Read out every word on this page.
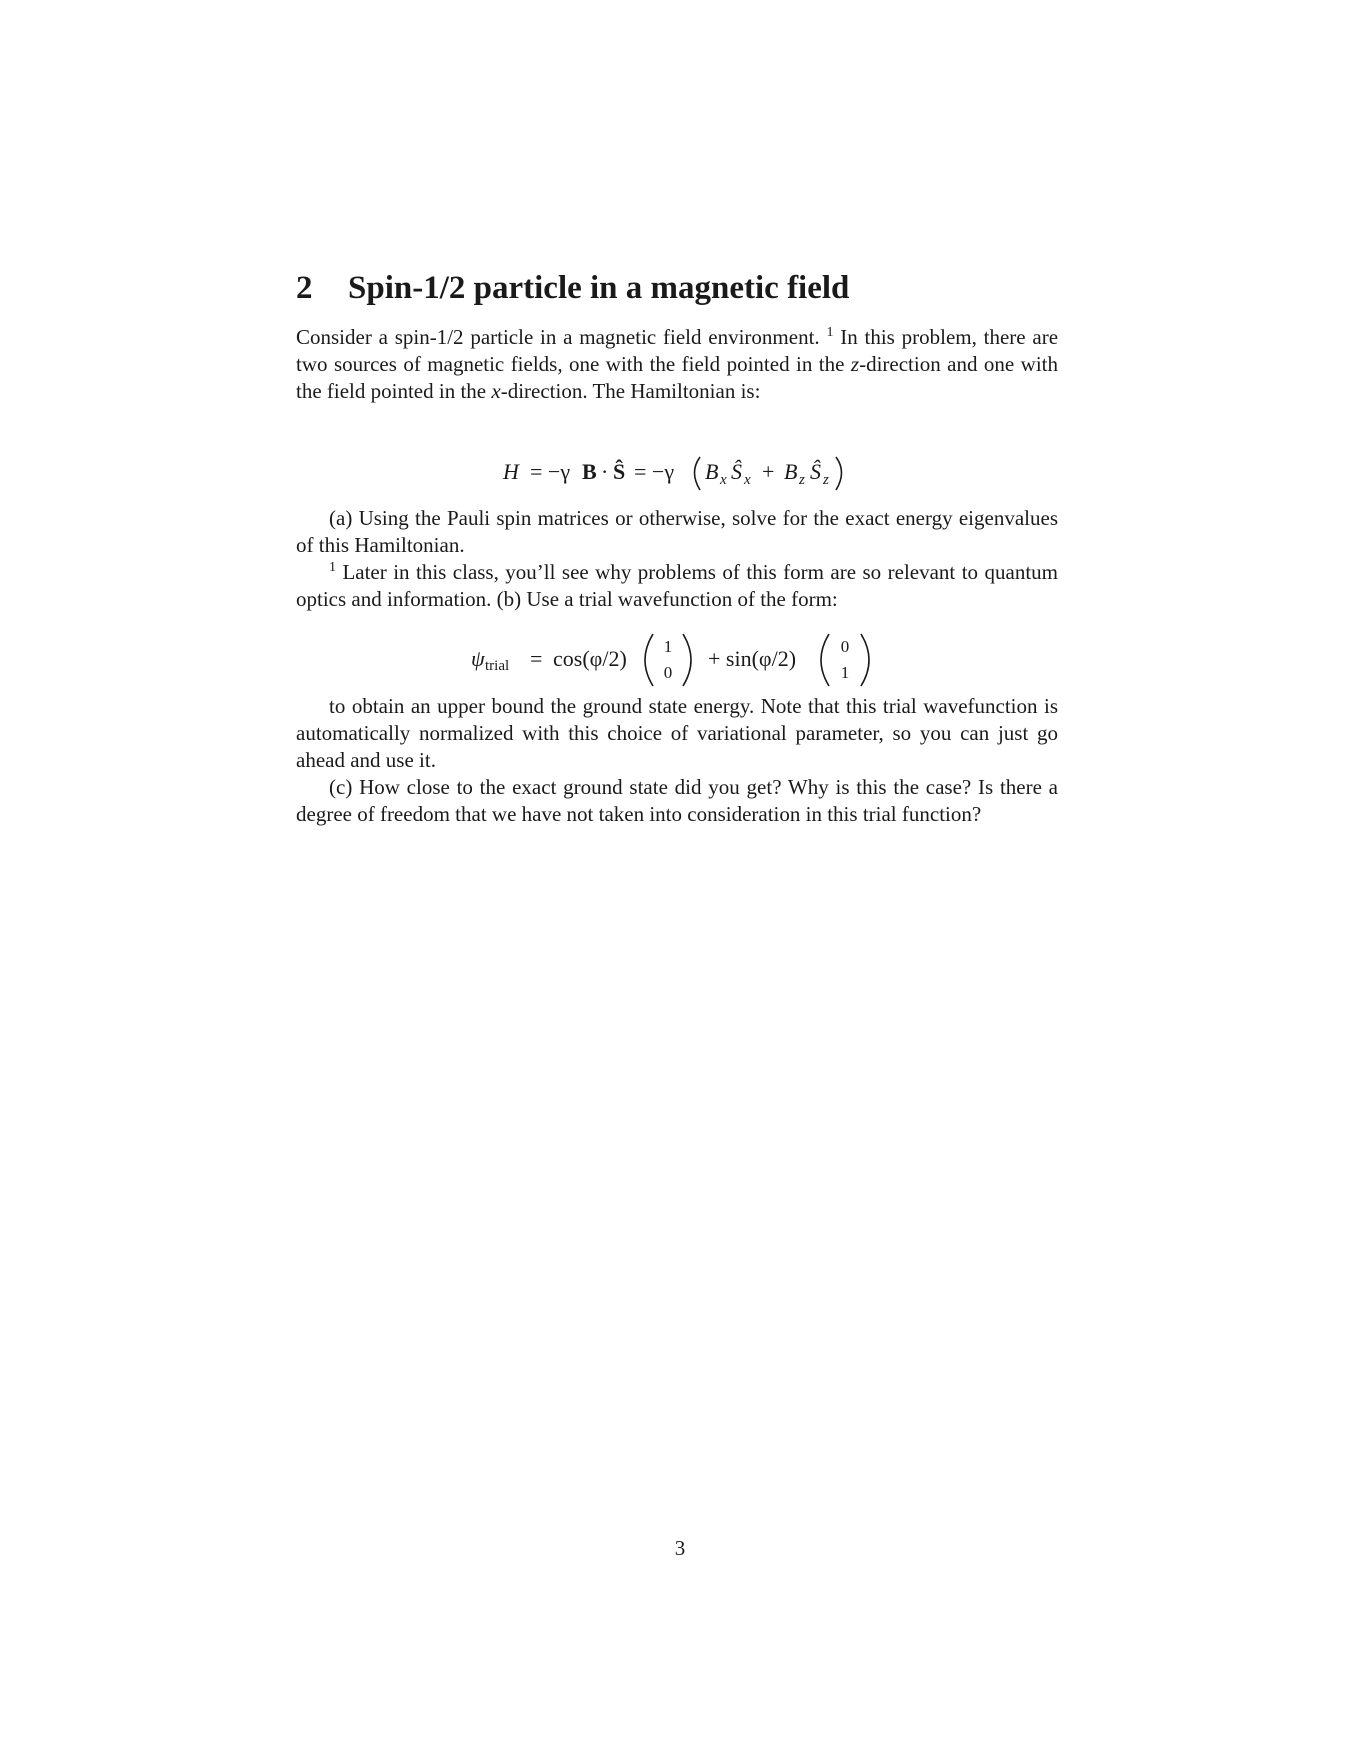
2 Spin-1/2 particle in a magnetic field

Consider a spin-1/2 particle in a magnetic field environment. $^1$ In this problem, there are two sources of magnetic fields, one with the field pointed in the z-direction and one with the field pointed in the x-direction. The Hamiltonian is:

H = −γ B · Ŝ = −γ B x Ŝ x + B z Ŝ z

(a) Using the Pauli spin matrices or otherwise, solve for the exact energy eigenvalues of this Hamiltonian.

$^1$ Later in this class, you’ll see why problems of this form are so relevant to quantum optics and information. (b) Use a trial wavefunction of the form:

ψ trial = cos(φ/2) 1
0
+ sin(φ/2)	0
1

to obtain an upper bound the ground state energy. Note that this trial wavefunction is automatically normalized with this choice of variational parameter, so you can just go ahead and use it.

(c) How close to the exact ground state did you get? Why is this the case? Is there a degree of freedom that we have not taken into consideration in this trial function?

3
